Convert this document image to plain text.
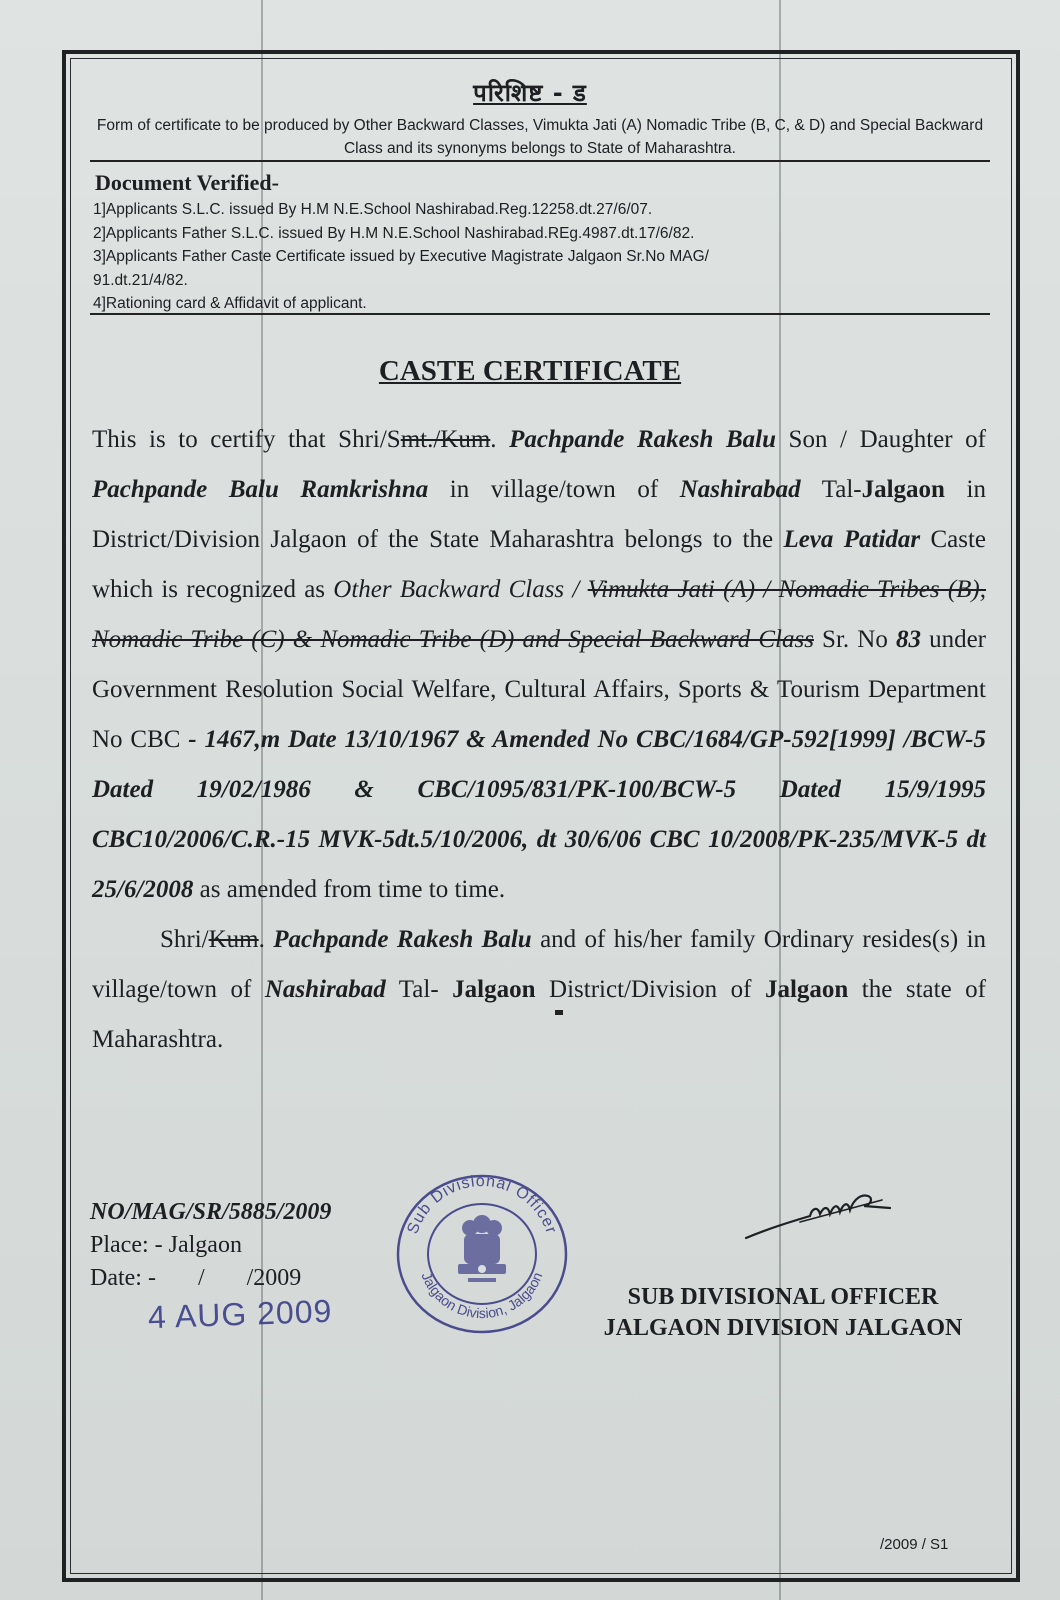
परिशिष्ट - ड
Form of certificate to be produced by Other Backward Classes, Vimukta Jati (A) Nomadic Tribe (B, C, & D) and Special Backward Class and its synonyms belongs to State of Maharashtra.
Document Verified-
1]Applicants S.L.C. issued By H.M N.E.School Nashirabad.Reg.12258.dt.27/6/07.
2]Applicants Father S.L.C. issued By H.M N.E.School Nashirabad.REg.4987.dt.17/6/82.
3]Applicants Father Caste Certificate issued by Executive Magistrate Jalgaon Sr.No MAG/
91.dt.21/4/82.
4]Rationing card & Affidavit of applicant.
CASTE CERTIFICATE

This is to certify that Shri/Smt./Kum. Pachpande Rakesh Balu Son / Daughter of Pachpande Balu Ramkrishna in village/town of Nashirabad Tal-Jalgaon in District/Division Jalgaon of the State Maharashtra belongs to the Leva Patidar Caste which is recognized as Other Backward Class / Vimukta Jati (A) / Nomadic Tribes (B), Nomadic Tribe (C) & Nomadic Tribe (D) and Special Backward Class Sr. No 83 under Government Resolution Social Welfare, Cultural Affairs, Sports & Tourism Department No CBC - 1467,m Date 13/10/1967 & Amended No CBC/1684/GP-592[1999] /BCW-5 Dated 19/02/1986 & CBC/1095/831/PK-100/BCW-5 Dated 15/9/1995 CBC10/2006/C.R.-15 MVK-5dt.5/10/2006, dt 30/6/06 CBC 10/2008/PK-235/MVK-5 dt 25/6/2008 as amended from time to time.

Shri/Kum. Pachpande Rakesh Balu and of his/her family Ordinary resides(s) in village/town of Nashirabad Tal- Jalgaon District/Division of Jalgaon the state of Maharashtra.

NO/MAG/SR/5885/2009
Place: - Jalgaon
Date: -       /       /2009
4 AUG 2009
Sub Divisional Officer
Jalgaon Division, Jalgaon
SUB DIVISIONAL OFFICER
JALGAON DIVISION JALGAON
/2009 / S1
